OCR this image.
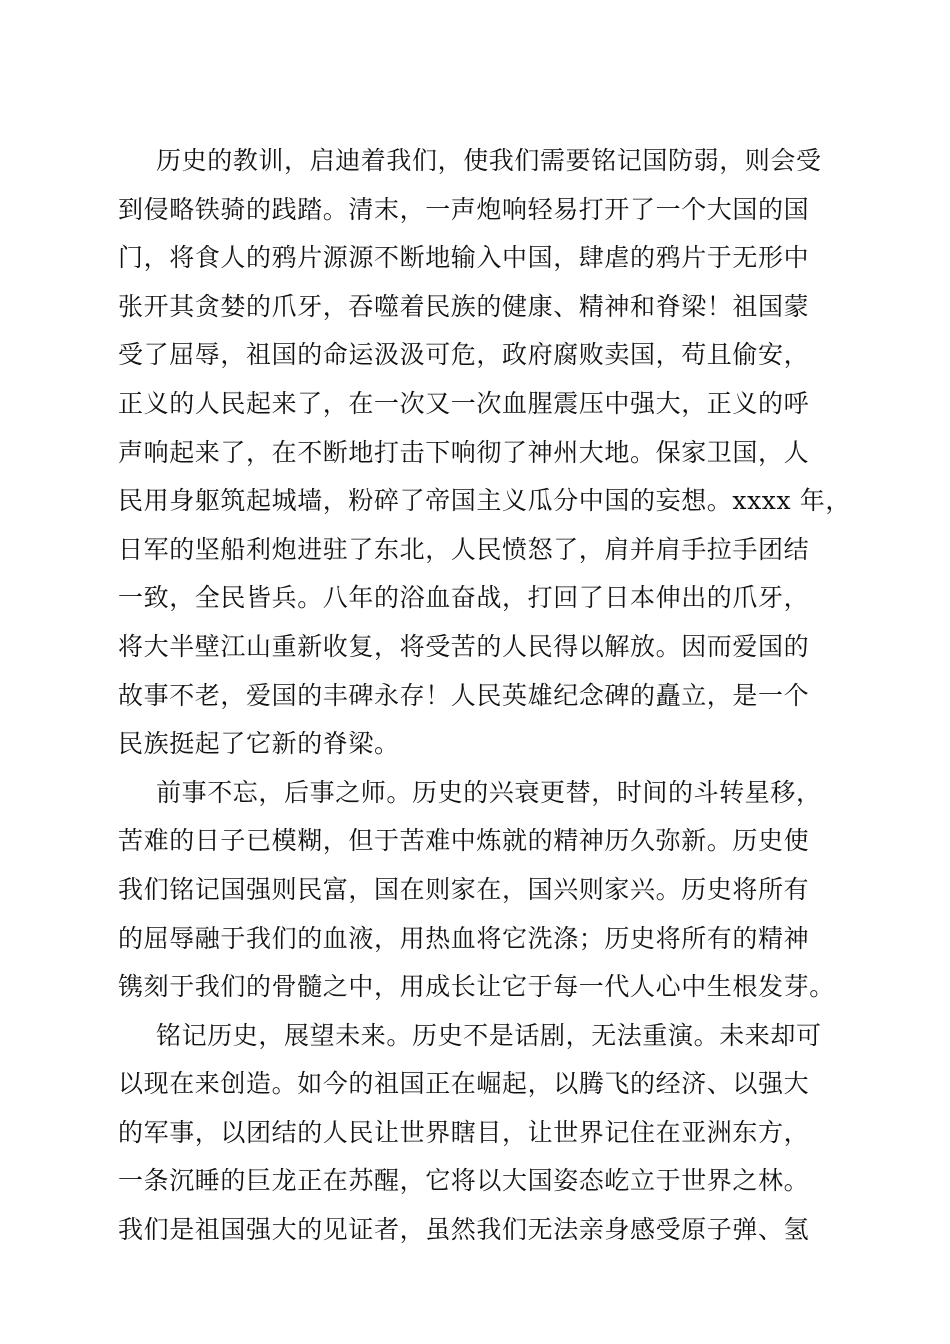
历史的教训，启迪着我们，使我们需要铭记国防弱，则会受
到侵略铁骑的践踏。清末，一声炮响轻易打开了一个大国的国
门，将食人的鸦片源源不断地输入中国，肆虐的鸦片于无形中
张开其贪婪的爪牙，吞噬着民族的健康、精神和脊梁！祖国蒙
受了屈辱，祖国的命运汲汲可危，政府腐败卖国，苟且偷安，
正义的人民起来了，在一次又一次血腥震压中强大，正义的呼
声响起来了，在不断地打击下响彻了神州大地。保家卫国，人
民用身躯筑起城墙，粉碎了帝国主义瓜分中国的妄想。xxxx 年，
日军的坚船利炮进驻了东北，人民愤怒了，肩并肩手拉手团结
一致，全民皆兵。八年的浴血奋战，打回了日本伸出的爪牙，
将大半壁江山重新收复，将受苦的人民得以解放。因而爱国的
故事不老，爱国的丰碑永存！人民英雄纪念碑的矗立，是一个
民族挺起了它新的脊梁。
前事不忘，后事之师。历史的兴衰更替，时间的斗转星移，
苦难的日子已模糊，但于苦难中炼就的精神历久弥新。历史使
我们铭记国强则民富，国在则家在，国兴则家兴。历史将所有
的屈辱融于我们的血液，用热血将它洗涤；历史将所有的精神
镌刻于我们的骨髓之中，用成长让它于每一代人心中生根发芽。
铭记历史，展望未来。历史不是话剧，无法重演。未来却可
以现在来创造。如今的祖国正在崛起，以腾飞的经济、以强大
的军事，以团结的人民让世界瞎目，让世界记住在亚洲东方，
一条沉睡的巨龙正在苏醒，它将以大国姿态屹立于世界之林。
我们是祖国强大的见证者，虽然我们无法亲身感受原子弹、氢
